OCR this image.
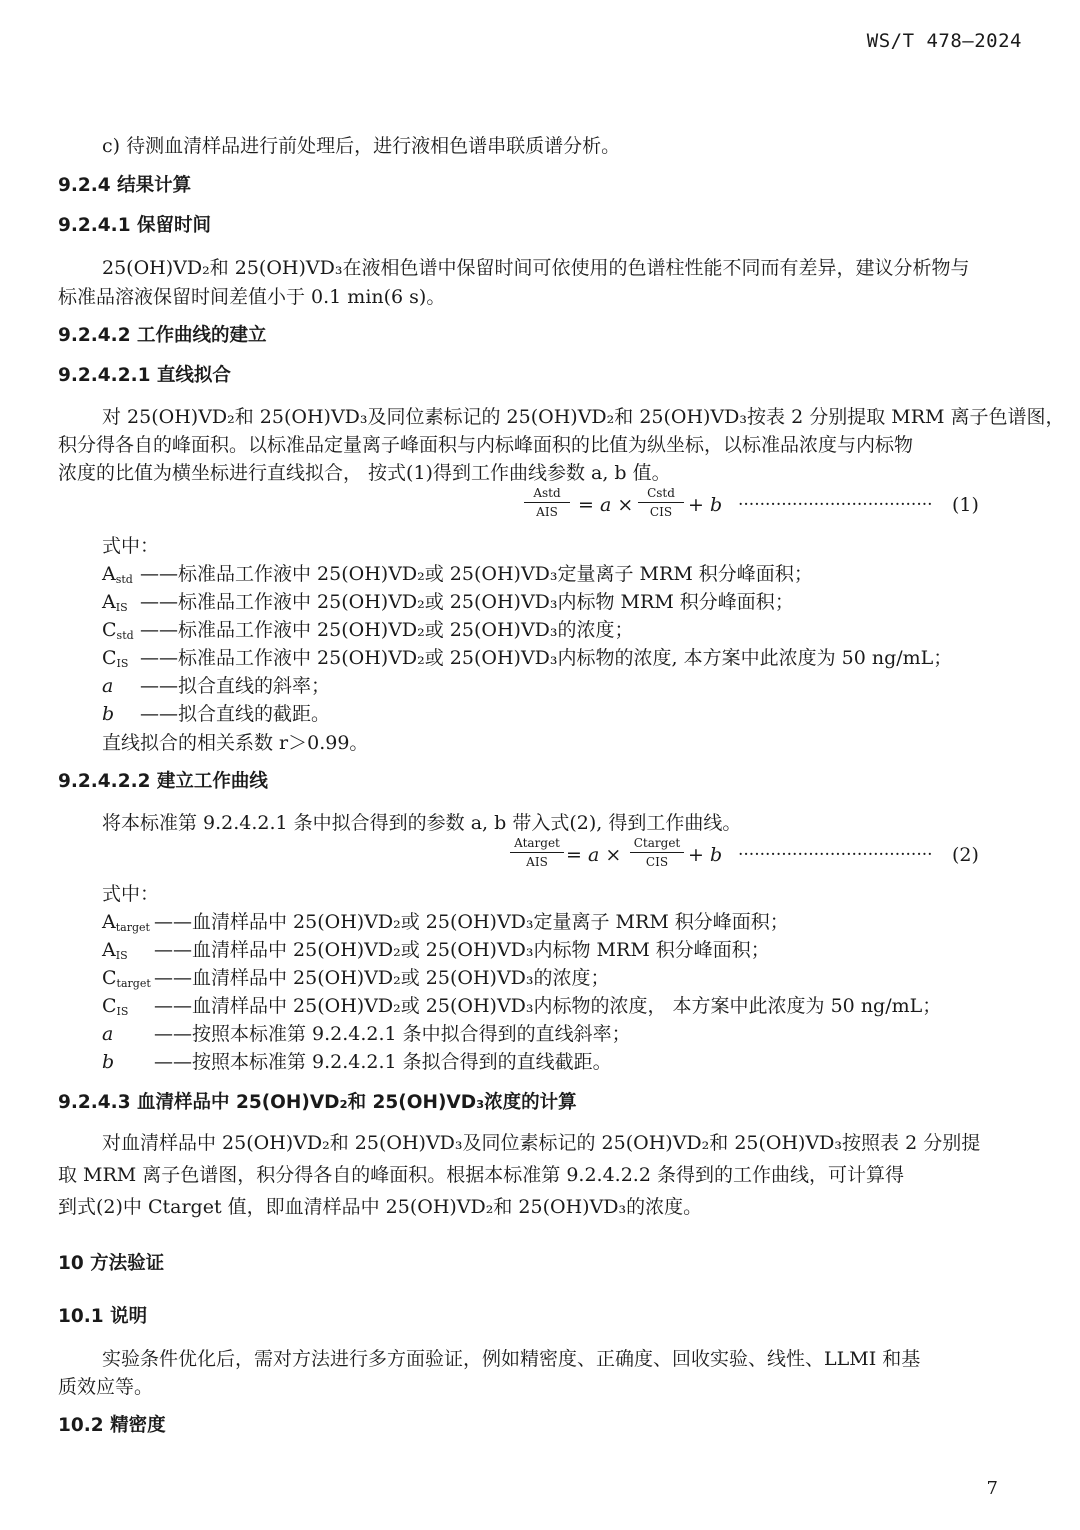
WS/T 478—2024
c) 待测血清样品进行前处理后，进行液相色谱串联质谱分析。
9.2.4 结果计算
9.2.4.1 保留时间
25(OH)VD₂和 25(OH)VD₃在液相色谱中保留时间可依使用的色谱柱性能不同而有差异，建议分析物与
标准品溶液保留时间差值小于 0.1 min(6 s)。
9.2.4.2 工作曲线的建立
9.2.4.2.1 直线拟合
对 25(OH)VD₂和 25(OH)VD₃及同位素标记的 25(OH)VD₂和 25(OH)VD₃按表 2 分别提取 MRM 离子色谱图，
积分得各自的峰面积。以标准品定量离子峰面积与内标峰面积的比值为纵坐标，以标准品浓度与内标物
浓度的比值为横坐标进行直线拟合， 按式(1)得到工作曲线参数 a, b 值。
Astd
AIS	= a ×
Cstd
CIS + b .................................... (1)
式中：
$A_{std}$ ——标准品工作液中 25(OH)VD₂或 25(OH)VD₃定量离子 MRM 积分峰面积；
$A_{IS}$ ——标准品工作液中 25(OH)VD₂或 25(OH)VD₃内标物 MRM 积分峰面积；
$C_{std}$ ——标准品工作液中 25(OH)VD₂或 25(OH)VD₃的浓度；
$C_{IS}$ ——标准品工作液中 25(OH)VD₂或 25(OH)VD₃内标物的浓度, 本方案中此浓度为 50 ng/mL；
a ——拟合直线的斜率；
b ——拟合直线的截距。
直线拟合的相关系数 r＞0.99。
9.2.4.2.2 建立工作曲线
将本标准第 9.2.4.2.1 条中拟合得到的参数 a, b 带入式(2), 得到工作曲线。
Atarget
AIS = a ×
Ctarget
CIS	+ b .................................... (2)
式中：
$A_{target}$ ——血清样品中 25(OH)VD₂或 25(OH)VD₃定量离子 MRM 积分峰面积；
$A_{IS}$ ——血清样品中 25(OH)VD₂或 25(OH)VD₃内标物 MRM 积分峰面积；
$C_{target}$ ——血清样品中 25(OH)VD₂或 25(OH)VD₃的浓度；
$C_{IS}$ ——血清样品中 25(OH)VD₂或 25(OH)VD₃内标物的浓度， 本方案中此浓度为 50 ng/mL；
a ——按照本标准第 9.2.4.2.1 条中拟合得到的直线斜率；
b ——按照本标准第 9.2.4.2.1 条拟合得到的直线截距。
9.2.4.3 血清样品中 25(OH)VD₂和 25(OH)VD₃浓度的计算
对血清样品中 25(OH)VD₂和 25(OH)VD₃及同位素标记的 25(OH)VD₂和 25(OH)VD₃按照表 2 分别提
取 MRM 离子色谱图，积分得各自的峰面积。根据本标准第 9.2.4.2.2 条得到的工作曲线，可计算得
到式(2)中 Ctarget 值，即血清样品中 25(OH)VD₂和 25(OH)VD₃的浓度。
10 方法验证
10.1 说明
实验条件优化后，需对方法进行多方面验证，例如精密度、正确度、回收实验、线性、LLMI 和基
质效应等。
10.2 精密度
7
